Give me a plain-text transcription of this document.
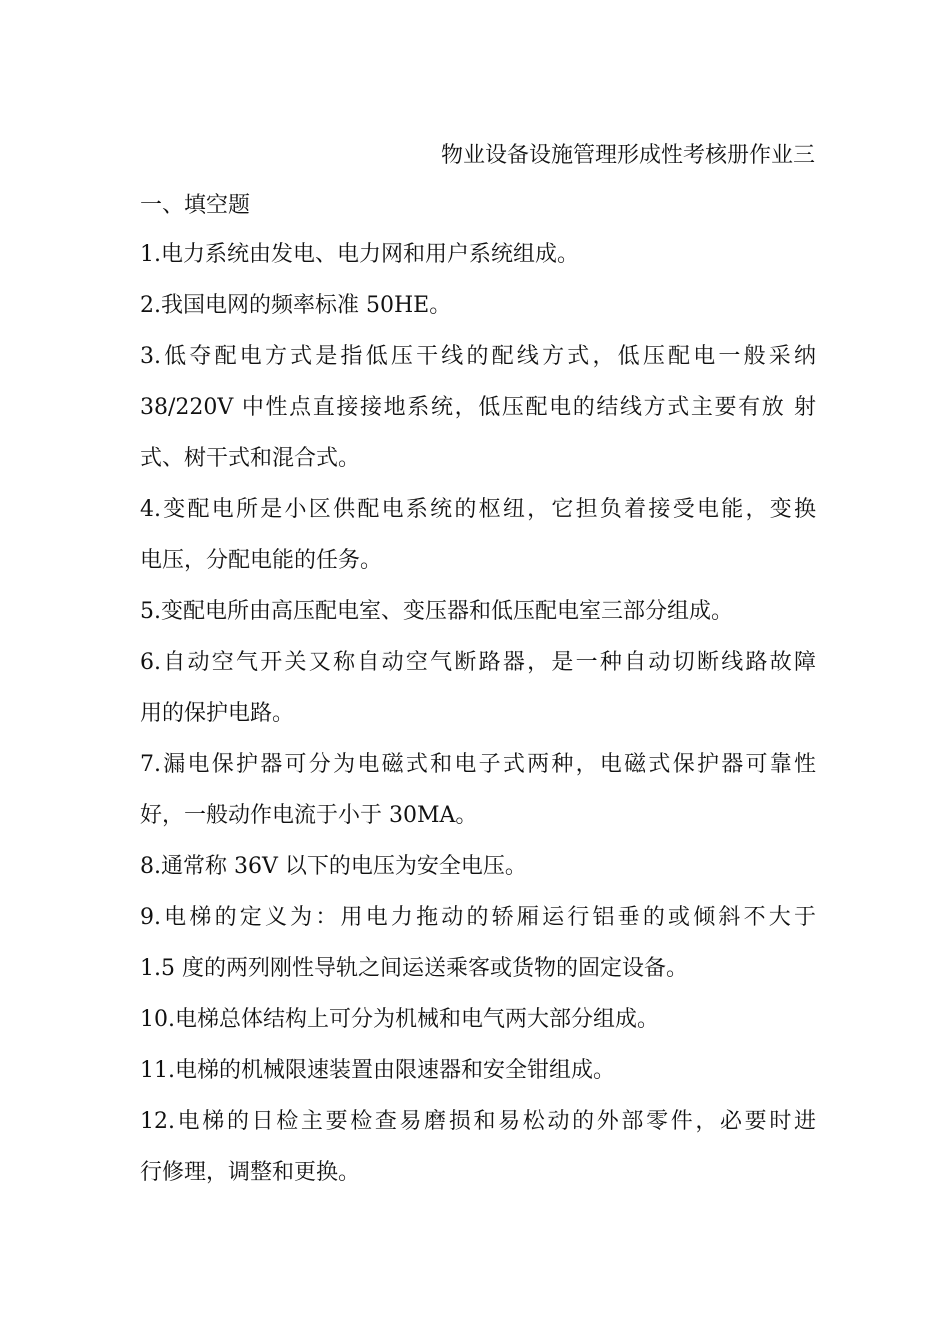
物业设备设施管理形成性考核册作业三
一、填空题
1.电力系统由发电、电力网和用户系统组成。
2.我国电网的频率标准 50HE。
3.低夺配电方式是指低压干线的配线方式，低压配电一般采纳
38/220V 中性点直接接地系统，低压配电的结线方式主要有放 射
式、树干式和混合式。
4.变配电所是小区供配电系统的枢纽，它担负着接受电能，变换
电压，分配电能的任务。
5.变配电所由高压配电室、变压器和低压配电室三部分组成。
6.自动空气开关又称自动空气断路器，是一种自动切断线路故障
用的保护电路。
7.漏电保护器可分为电磁式和电子式两种，电磁式保护器可靠性
好，一般动作电流于小于 30MA。
8.通常称 36V 以下的电压为安全电压。
9.电梯的定义为：用电力拖动的轿厢运行铝垂的或倾斜不大于
1.5 度的两列刚性导轨之间运送乘客或货物的固定设备。
10.电梯总体结构上可分为机械和电气两大部分组成。
11.电梯的机械限速装置由限速器和安全钳组成。
12.电梯的日检主要检查易磨损和易松动的外部零件，必要时进
行修理，调整和更换。
